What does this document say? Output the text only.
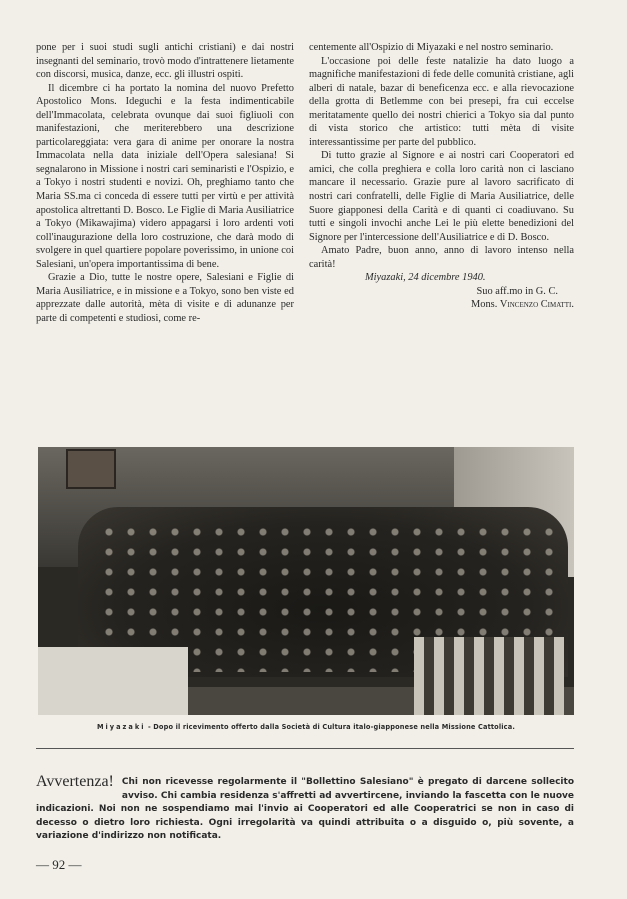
pone per i suoi studi sugli antichi cristiani) e dai nostri insegnanti del seminario, trovò modo d'intrattenere lietamente con discorsi, musica, danze, ecc. gli illustri ospiti.

Il dicembre ci ha portato la nomina del nuovo Prefetto Apostolico Mons. Ideguchi e la festa indimenticabile dell'Immacolata, celebrata ovunque dai suoi figliuoli con manifestazioni, che meriterebbero una descrizione particolareggiata: vera gara di anime per onorare la nostra Immacolata nella data iniziale dell'Opera salesiana! Si segnalarono in Missione i nostri cari seminaristi e l'Ospizio, e a Tokyo i nostri studenti e novizi. Oh, preghiamo tanto che Maria SS.ma ci conceda di essere tutti per virtù e per attività apostolica altrettanti D. Bosco. Le Figlie di Maria Ausiliatrice a Tokyo (Mikawajima) videro appagarsi i loro ardenti voti coll'inaugurazione della loro costruzione, che darà modo di svolgere in quel quartiere popolare poverissimo, in unione coi Salesiani, un'opera importantissima di bene.

Grazie a Dio, tutte le nostre opere, Salesiani e Figlie di Maria Ausiliatrice, e in missione e a Tokyo, sono ben viste ed apprezzate dalle autorità, mèta di visite e di adunanze per parte di competenti e studiosi, come re-

centemente all'Ospizio di Miyazaki e nel nostro seminario.

L'occasione poi delle feste natalizie ha dato luogo a magnifiche manifestazioni di fede delle comunità cristiane, agli alberi di natale, bazar di beneficenza ecc. e alla rievocazione della grotta di Betlemme con bei presepi, fra cui eccelse meritatamente quello dei nostri chierici a Tokyo sia dal punto di vista storico che artistico: tutti mèta di visite interessantissime per parte del pubblico.

Di tutto grazie al Signore e ai nostri cari Cooperatori ed amici, che colla preghiera e colla loro carità non ci lasciano mancare il necessario. Grazie pure al lavoro sacrificato di nostri cari confratelli, delle Figlie di Maria Ausiliatrice, delle Suore giapponesi della Carità e di quanti ci coadiuvano. Su tutti e singoli invochi anche Lei le più elette benedizioni del Signore per l'intercessione dell'Ausiliatrice e di D. Bosco.

Amato Padre, buon anno, anno di lavoro intenso nella carità!

Miyazaki, 24 dicembre 1940.

Suo aff.mo in G. C.

Mons. Vincenzo Cimatti.

Miyazaki - Dopo il ricevimento offerto dalla Società di Cultura italo-giapponese nella Missione Cattolica.
Avvertenza! Chi non ricevesse regolarmente il "Bollettino Salesiano" è pregato di darcene sollecito avviso. Chi cambia residenza s'affretti ad avvertircene, inviando la fascetta con le nuove indicazioni. Noi non ne sospendiamo mai l'invio ai Cooperatori ed alle Cooperatrici se non in caso di decesso o dietro loro richiesta. Ogni irregolarità va quindi attribuita o a disguido o, più sovente, a variazione d'indirizzo non notificata.
— 92 —
